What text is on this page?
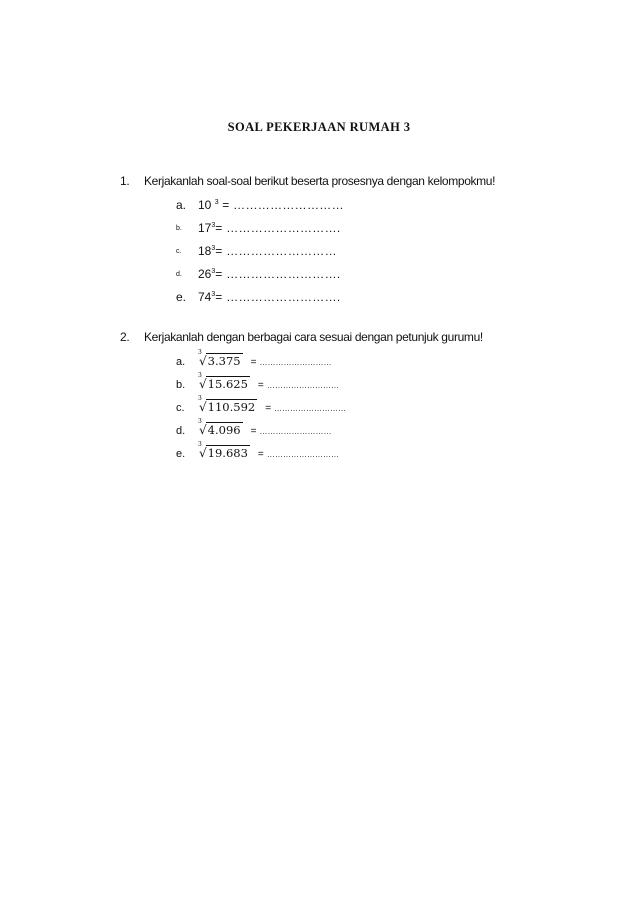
SOAL PEKERJAAN RUMAH 3
1. Kerjakanlah soal-soal berikut beserta prosesnya dengan kelompokmu!
a. 10 $^3$ = ………………………
b. $17^3=$ ……………………….
c. $18^3=$ ………………………
d. $26^3=$ ……………………….
e. $74^3=$ ……………………….
2. Kerjakanlah dengan berbagai cara sesuai dengan petunjuk gurumu!
a.
3
√3.375 = ………………………
b.
3
√15.625 = ………………………
c.
3
√110.592 = ………………………
d.
3
√4.096 = ………………………
e.
3
√19.683 = ………………………
